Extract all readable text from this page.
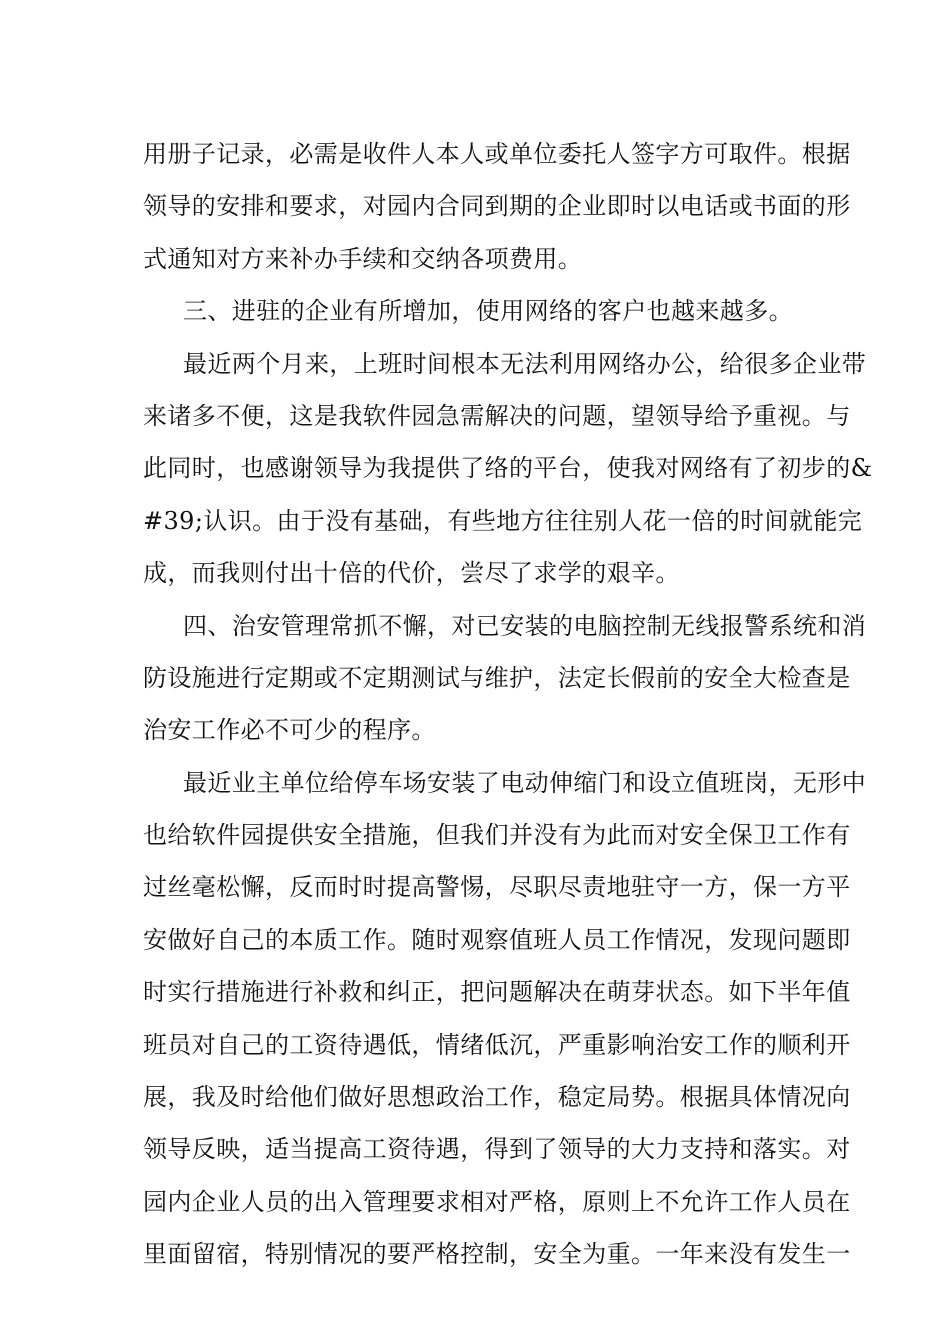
用册子记录，必需是收件人本人或单位委托人签字方可取件。根据
领导的安排和要求，对园内合同到期的企业即时以电话或书面的形
式通知对方来补办手续和交纳各项费用。
三、进驻的企业有所增加，使用网络的客户也越来越多。
最近两个月来，上班时间根本无法利用网络办公，给很多企业带
来诸多不便，这是我软件园急需解决的问题，望领导给予重视。与
此同时，也感谢领导为我提供了络的平台，使我对网络有了初步的&
#39;认识。由于没有基础，有些地方往往别人花一倍的时间就能完
成，而我则付出十倍的代价，尝尽了求学的艰辛。
四、治安管理常抓不懈，对已安装的电脑控制无线报警系统和消
防设施进行定期或不定期测试与维护，法定长假前的安全大检查是
治安工作必不可少的程序。
最近业主单位给停车场安装了电动伸缩门和设立值班岗，无形中
也给软件园提供安全措施，但我们并没有为此而对安全保卫工作有
过丝毫松懈，反而时时提高警惕，尽职尽责地驻守一方，保一方平
安做好自己的本质工作。随时观察值班人员工作情况，发现问题即
时实行措施进行补救和纠正，把问题解决在萌芽状态。如下半年值
班员对自己的工资待遇低，情绪低沉，严重影响治安工作的顺利开
展，我及时给他们做好思想政治工作，稳定局势。根据具体情况向
领导反映，适当提高工资待遇，得到了领导的大力支持和落实。对
园内企业人员的出入管理要求相对严格，原则上不允许工作人员在
里面留宿，特别情况的要严格控制，安全为重。一年来没有发生一
